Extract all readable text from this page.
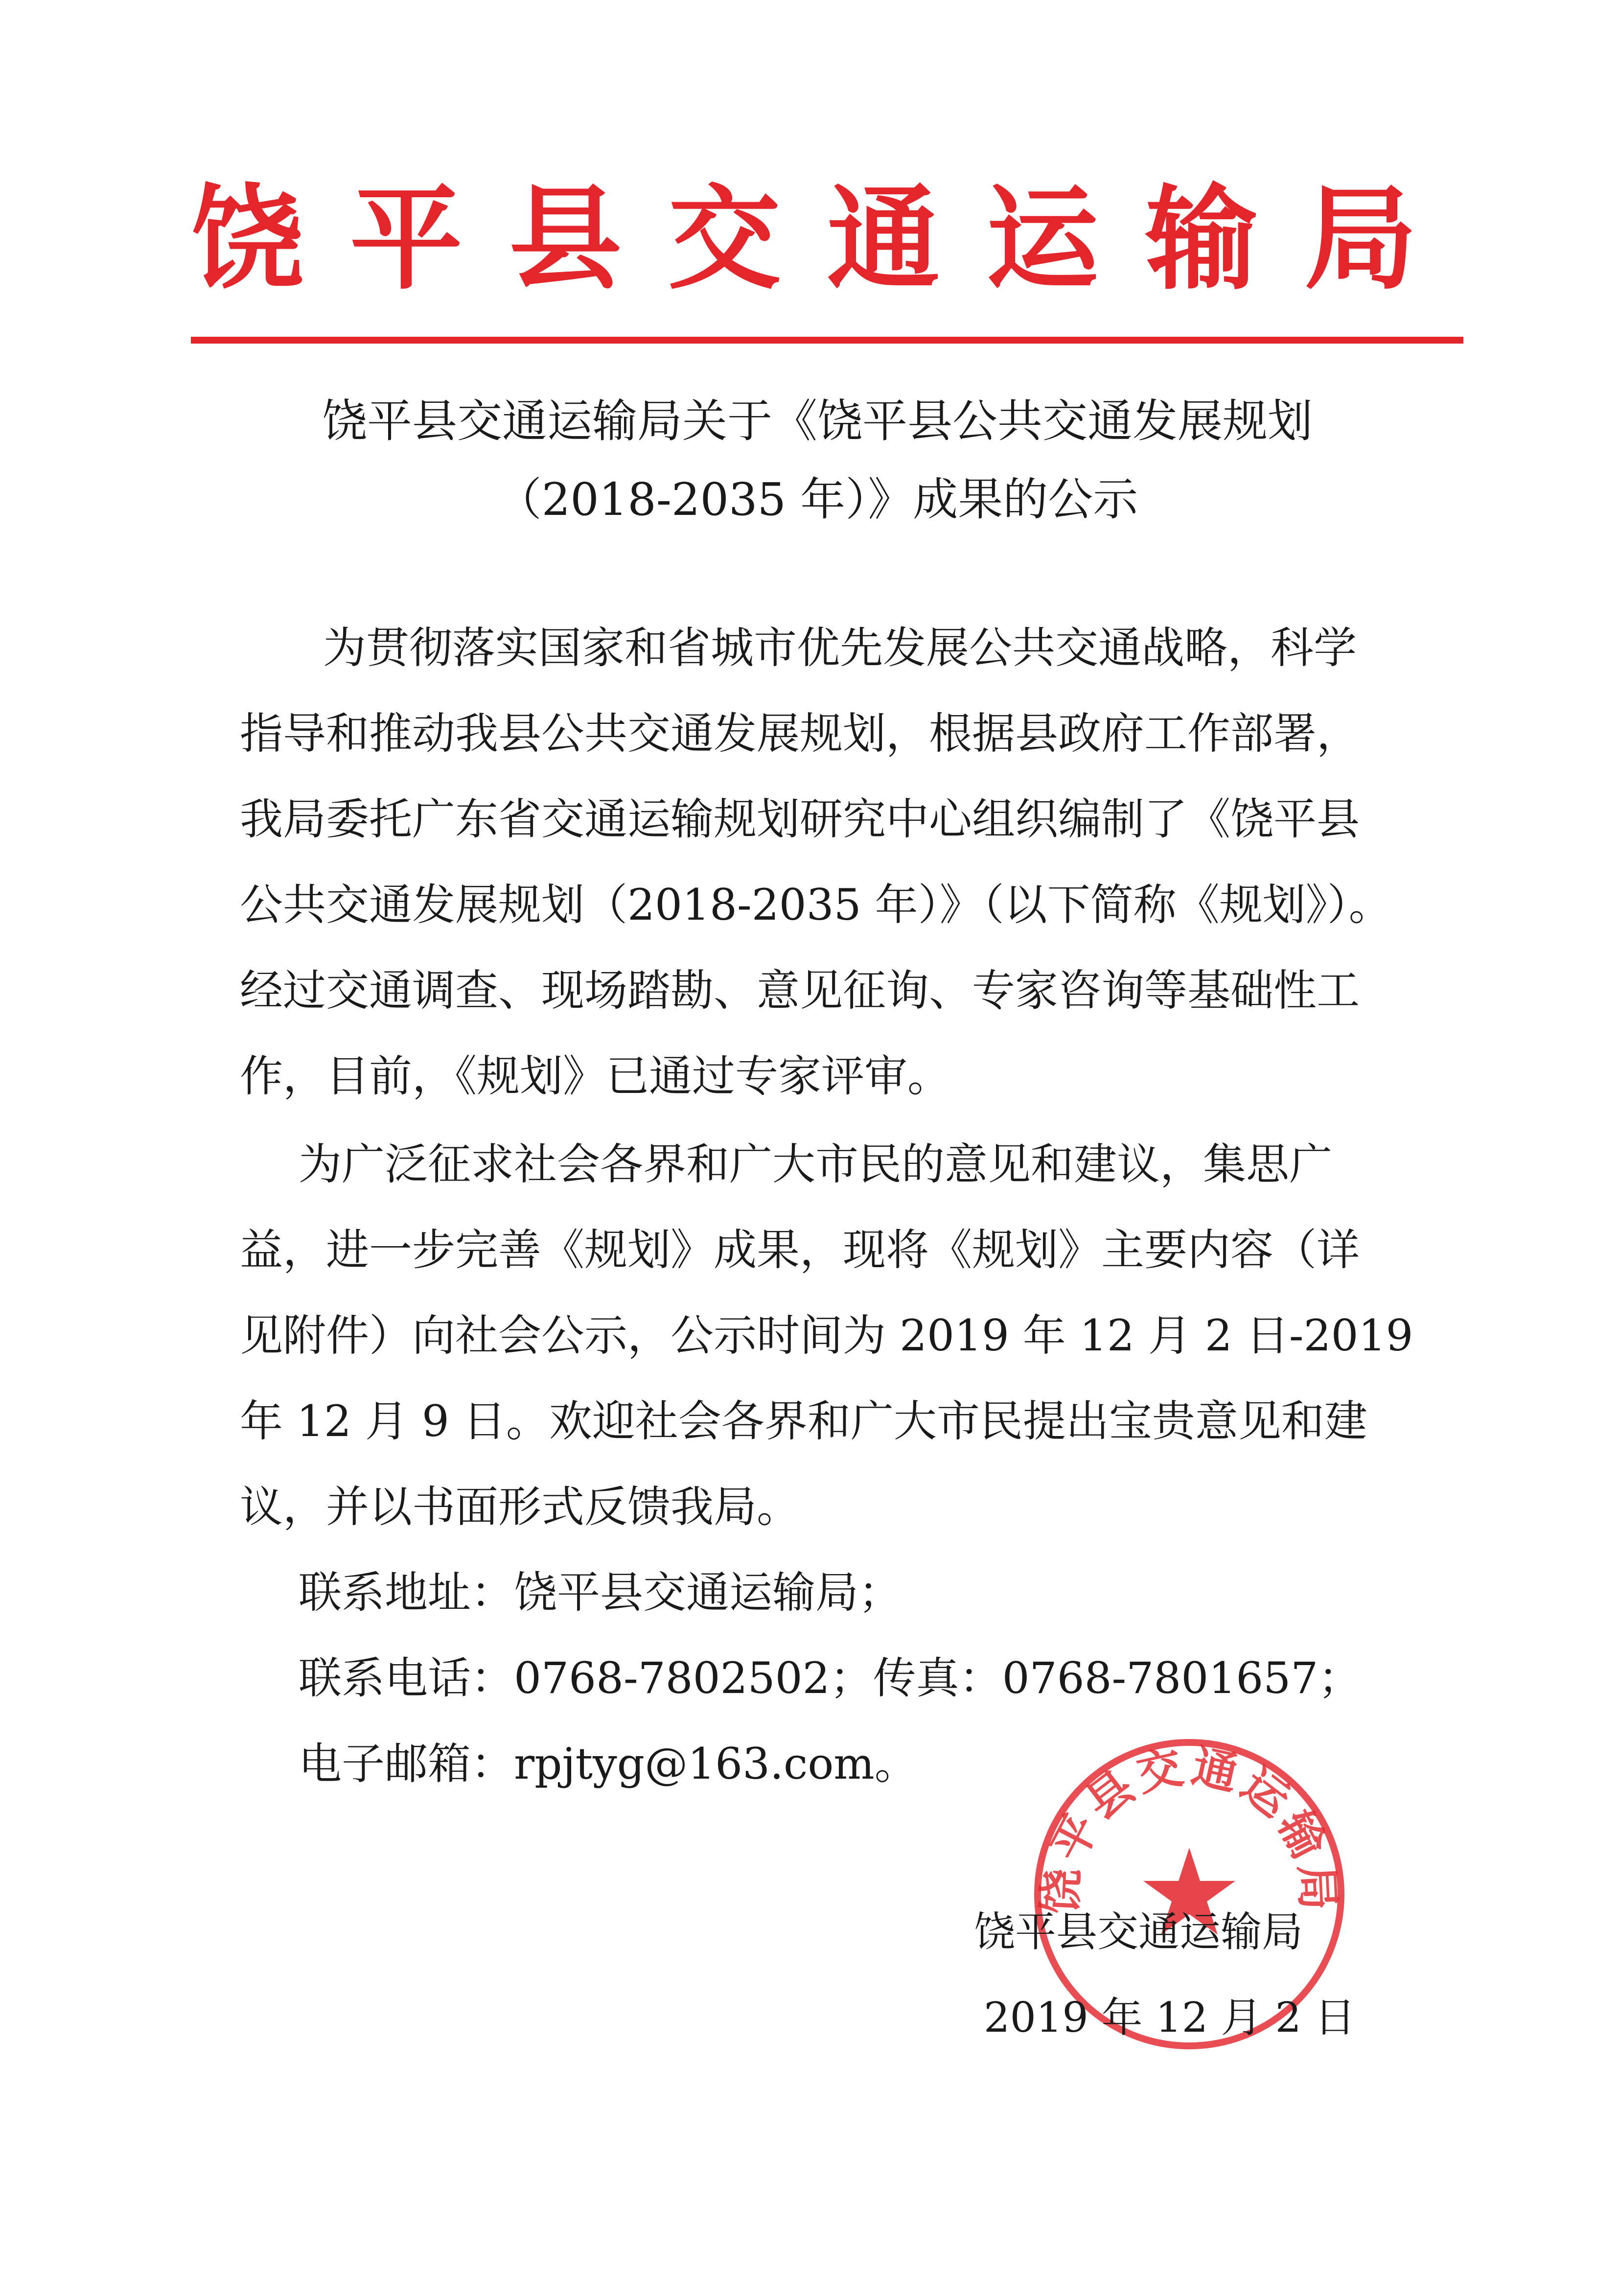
饶平县交通运输局
饶平县交通运输局关于《饶平县公共交通发展规划
（2018-2035 年）》成果的公示
为贯彻落实国家和省城市优先发展公共交通战略，科学
指导和推动我县公共交通发展规划，根据县政府工作部署，
我局委托广东省交通运输规划研究中心组织编制了《饶平县
公共交通发展规划（2018-2035 年）》（以下简称《规划》）。
经过交通调查、现场踏勘、意见征询、专家咨询等基础性工
作，目前，《规划》已通过专家评审。
为广泛征求社会各界和广大市民的意见和建议，集思广
益，进一步完善《规划》成果，现将《规划》主要内容（详
见附件）向社会公示，公示时间为 2019 年 12 月 2 日-2019
年 12 月 9 日。欢迎社会各界和广大市民提出宝贵意见和建
议，并以书面形式反馈我局。
联系地址：饶平县交通运输局；
联系电话：0768-7802502；传真：0768-7801657；
电子邮箱：rpjtyg@163.com。
饶平县交通运输局
饶平县交通运输局
2019 年 12 月 2 日
